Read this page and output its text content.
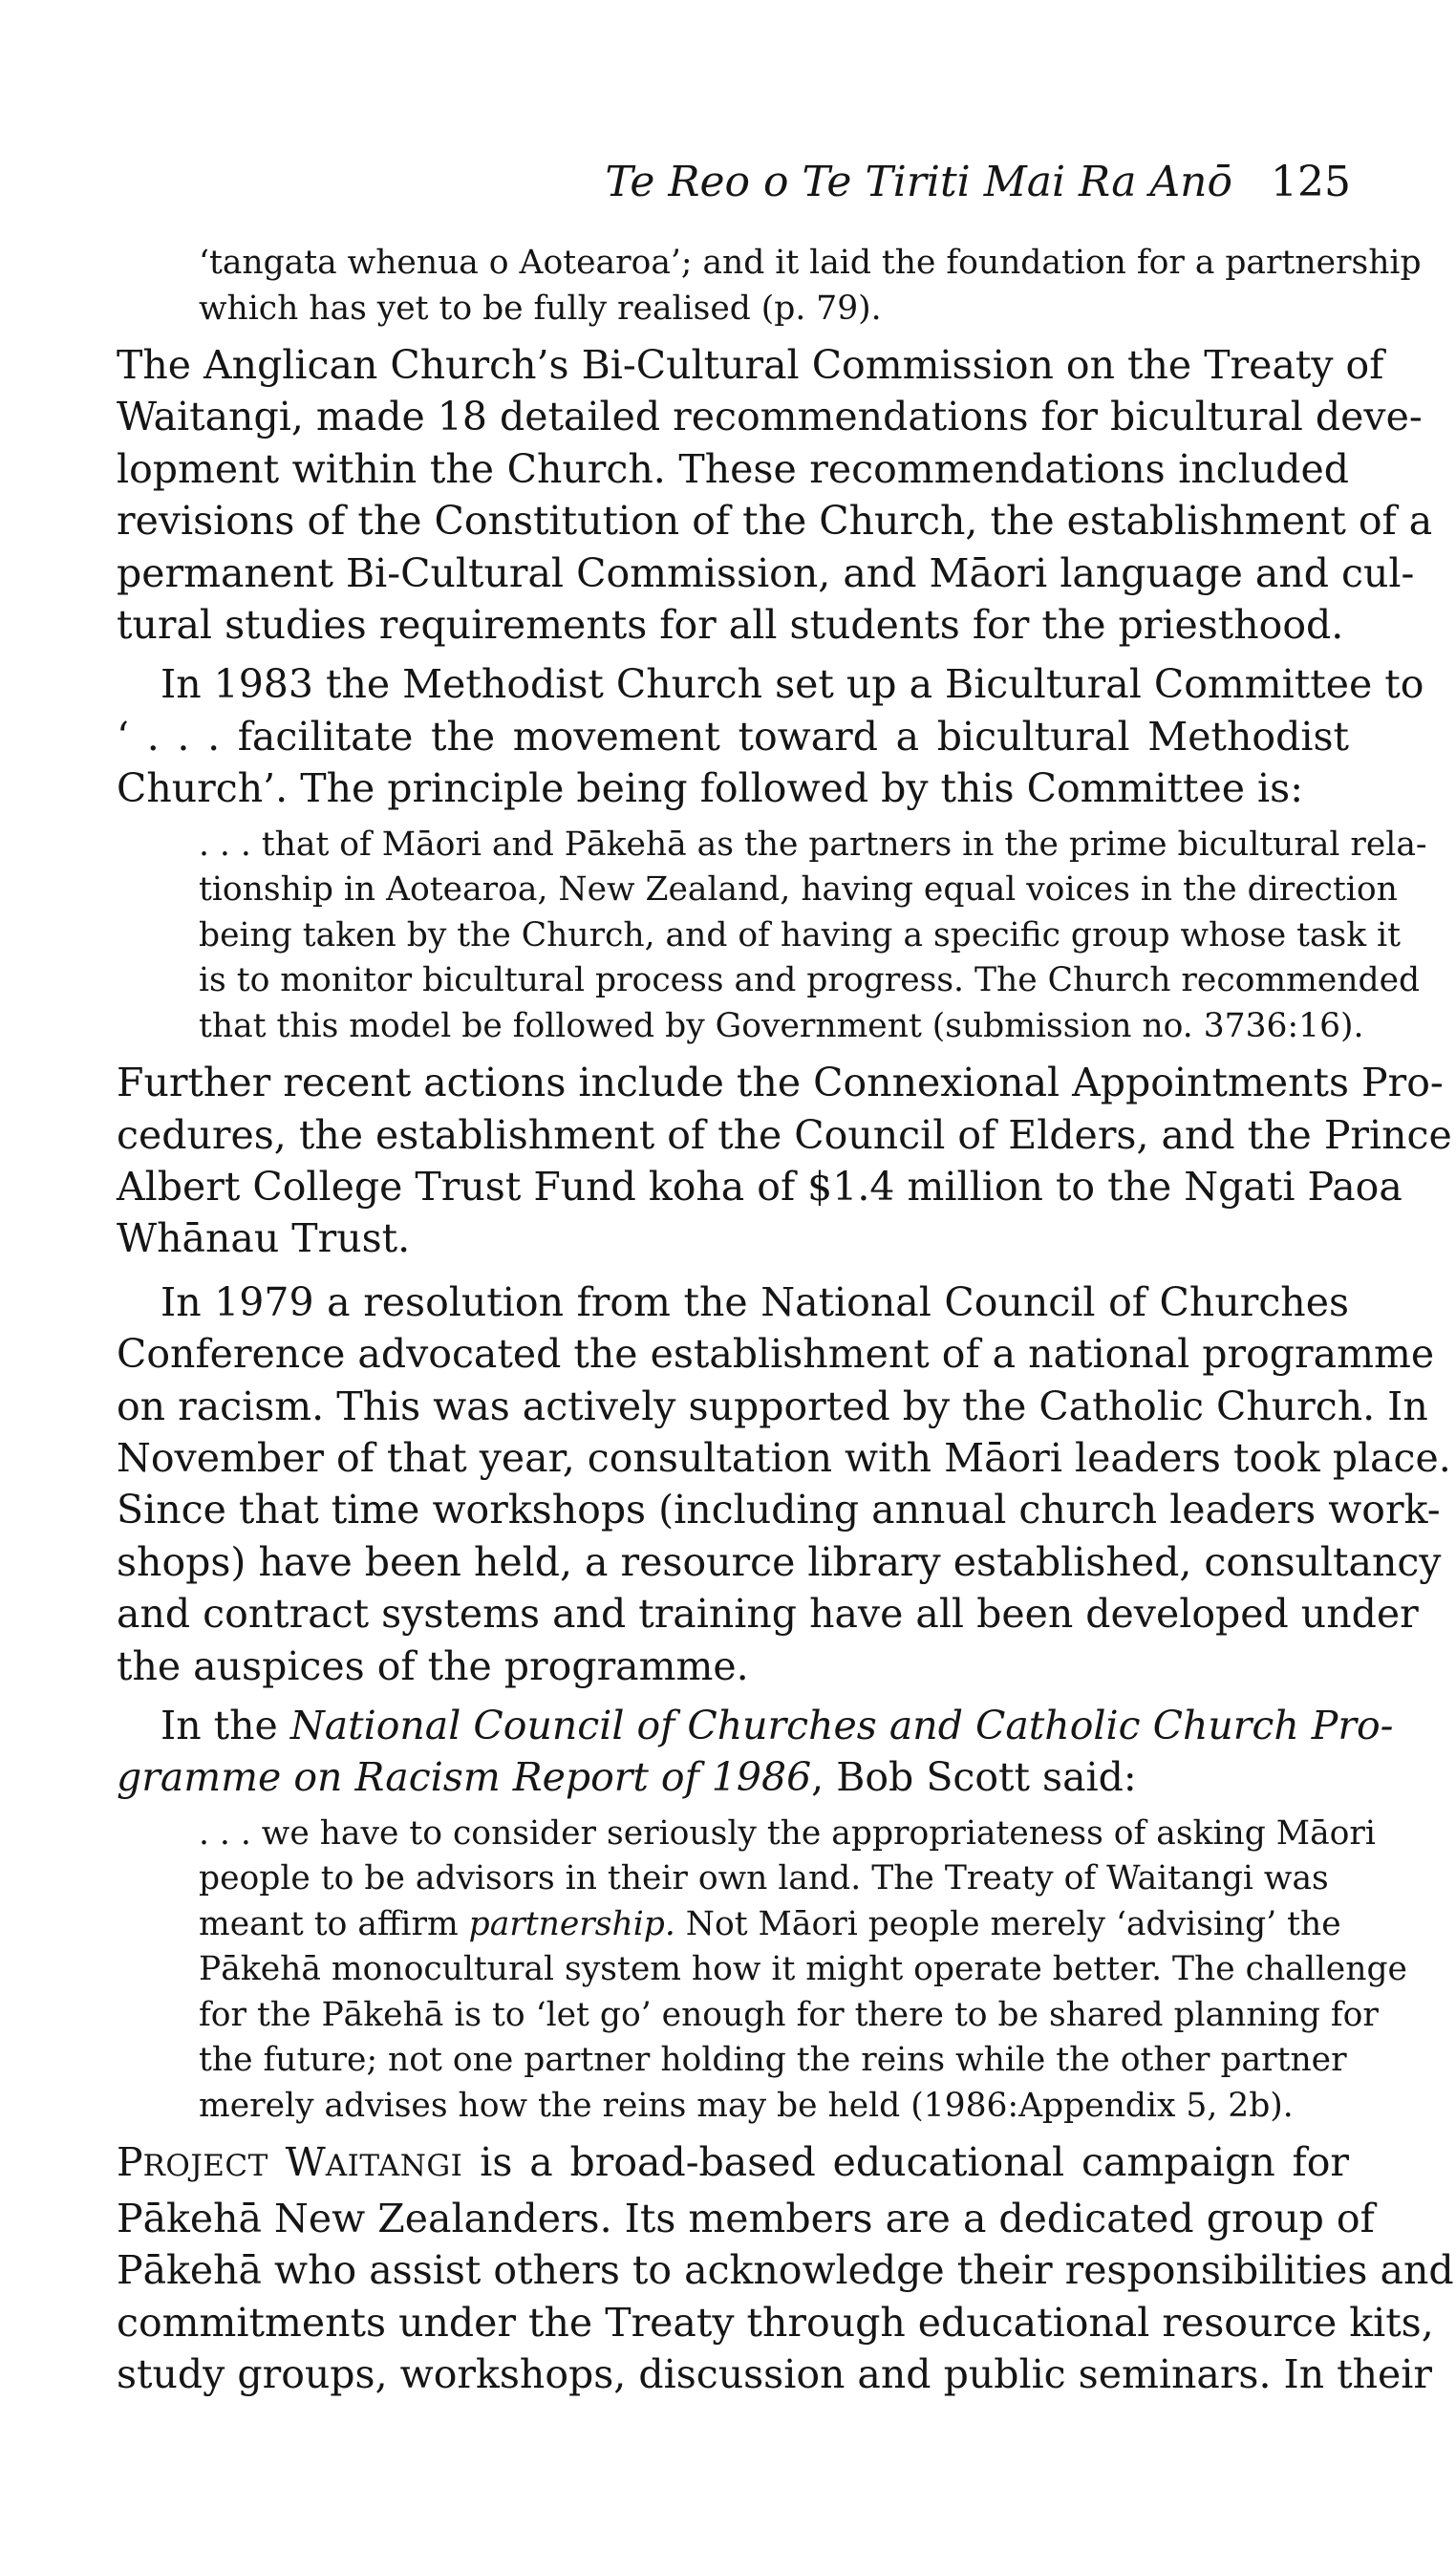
Te Reo o Te Tiriti Mai Ra Anō 125
‘tangata whenua o Aotearoa’; and it laid the foundation for a partnership
which has yet to be fully realised (p. 79).
The Anglican Church’s Bi-Cultural Commission on the Treaty of
Waitangi, made 18 detailed recommendations for bicultural deve-
lopment within the Church. These recommendations included
revisions of the Constitution of the Church, the establishment of a
permanent Bi-Cultural Commission, and Māori language and cul-
tural studies requirements for all students for the priesthood.
In 1983 the Methodist Church set up a Bicultural Committee to
‘ . . . facilitate the movement toward a bicultural Methodist
Church’. The principle being followed by this Committee is:
. . . that of Māori and Pākehā as the partners in the prime bicultural rela-
tionship in Aotearoa, New Zealand, having equal voices in the direction
being taken by the Church, and of having a specific group whose task it
is to monitor bicultural process and progress. The Church recommended
that this model be followed by Government (submission no. 3736:16).
Further recent actions include the Connexional Appointments Pro-
cedures, the establishment of the Council of Elders, and the Prince
Albert College Trust Fund koha of $1.4 million to the Ngati Paoa
Whānau Trust.
In 1979 a resolution from the National Council of Churches
Conference advocated the establishment of a national programme
on racism. This was actively supported by the Catholic Church. In
November of that year, consultation with Māori leaders took place.
Since that time workshops (including annual church leaders work-
shops) have been held, a resource library established, consultancy
and contract systems and training have all been developed under
the auspices of the programme.
In the National Council of Churches and Catholic Church Pro-
gramme on Racism Report of 1986, Bob Scott said:
. . . we have to consider seriously the appropriateness of asking Māori
people to be advisors in their own land. The Treaty of Waitangi was
meant to affirm partnership. Not Māori people merely ‘advising’ the
Pākehā monocultural system how it might operate better. The challenge
for the Pākehā is to ‘let go’ enough for there to be shared planning for
the future; not one partner holding the reins while the other partner
merely advises how the reins may be held (1986:Appendix 5, 2b).
PROJECT WAITANGI is a broad-based educational campaign for
Pākehā New Zealanders. Its members are a dedicated group of
Pākehā who assist others to acknowledge their responsibilities and
commitments under the Treaty through educational resource kits,
study groups, workshops, discussion and public seminars. In their
